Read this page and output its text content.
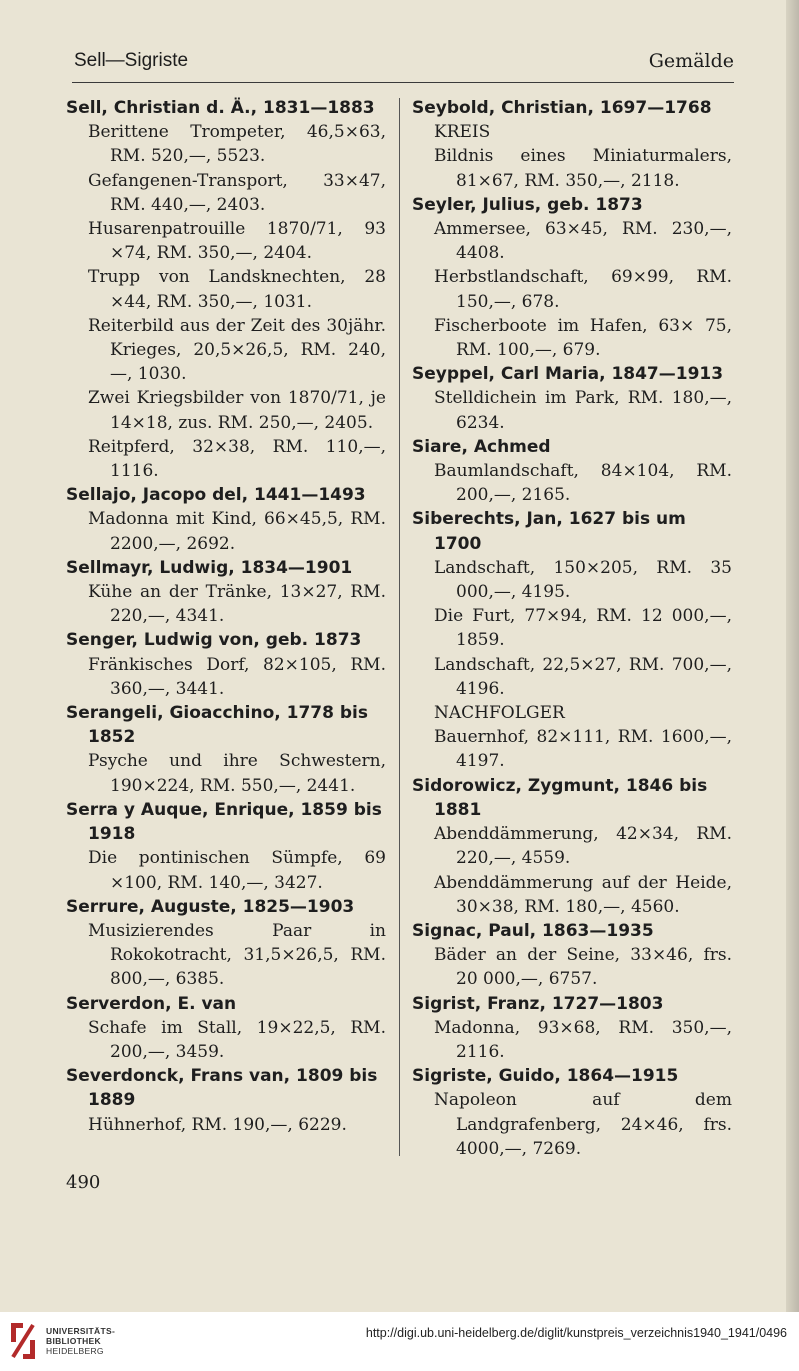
Sell—Sigriste	Gemälde
Sell, Christian d. Ä., 1831—1883
Berittene Trompeter, 46,5×63, RM. 520,—, 5523.
Gefangenen-Transport, 33×47, RM. 440,—, 2403.
Husarenpatrouille 1870/71, 93 ×74, RM. 350,—, 2404.
Trupp von Landsknechten, 28 ×44, RM. 350,—, 1031.
Reiterbild aus der Zeit des 30jähr. Krieges, 20,5×26,5, RM. 240,—, 1030.
Zwei Kriegsbilder von 1870/71, je 14×18, zus. RM. 250,—, 2405.
Reitpferd, 32×38, RM. 110,—, 1116.
Sellajo, Jacopo del, 1441—1493
Madonna mit Kind, 66×45,5, RM. 2200,—, 2692.
Sellmayr, Ludwig, 1834—1901
Kühe an der Tränke, 13×27, RM. 220,—, 4341.
Senger, Ludwig von, geb. 1873
Fränkisches Dorf, 82×105, RM. 360,—, 3441.
Serangeli, Gioacchino, 1778 bis 1852
Psyche und ihre Schwestern, 190×224, RM. 550,—, 2441.
Serra y Auque, Enrique, 1859 bis 1918
Die pontinischen Sümpfe, 69 ×100, RM. 140,—, 3427.
Serrure, Auguste, 1825—1903
Musizierendes Paar in Rokokotracht, 31,5×26,5, RM. 800,—, 6385.
Serverdon, E. van
Schafe im Stall, 19×22,5, RM. 200,—, 3459.
Severdonck, Frans van, 1809 bis 1889
Hühnerhof, RM. 190,—, 6229.
Seybold, Christian, 1697—1768
KREIS
Bildnis eines Miniaturmalers, 81×67, RM. 350,—, 2118.
Seyler, Julius, geb. 1873
Ammersee, 63×45, RM. 230,—, 4408.
Herbstlandschaft, 69×99, RM. 150,—, 678.
Fischerboote im Hafen, 63× 75, RM. 100,—, 679.
Seyppel, Carl Maria, 1847—1913
Stelldichein im Park, RM. 180,—, 6234.
Siare, Achmed
Baumlandschaft, 84×104, RM. 200,—, 2165.
Siberechts, Jan, 1627 bis um 1700
Landschaft, 150×205, RM. 35 000,—, 4195.
Die Furt, 77×94, RM. 12 000,—, 1859.
Landschaft, 22,5×27, RM. 700,—, 4196.
NACHFOLGER
Bauernhof, 82×111, RM. 1600,—, 4197.
Sidorowicz, Zygmunt, 1846 bis 1881
Abenddämmerung, 42×34, RM. 220,—, 4559.
Abenddämmerung auf der Heide, 30×38, RM. 180,—, 4560.
Signac, Paul, 1863—1935
Bäder an der Seine, 33×46, frs. 20 000,—, 6757.
Sigrist, Franz, 1727—1803
Madonna, 93×68, RM. 350,—, 2116.
Sigriste, Guido, 1864—1915
Napoleon auf dem Landgrafenberg, 24×46, frs. 4000,—, 7269.
490
UNIVERSITÄTS-
BIBLIOTHEK
HEIDELBERG
http://digi.ub.uni-heidelberg.de/diglit/kunstpreis_verzeichnis1940_1941/0496
